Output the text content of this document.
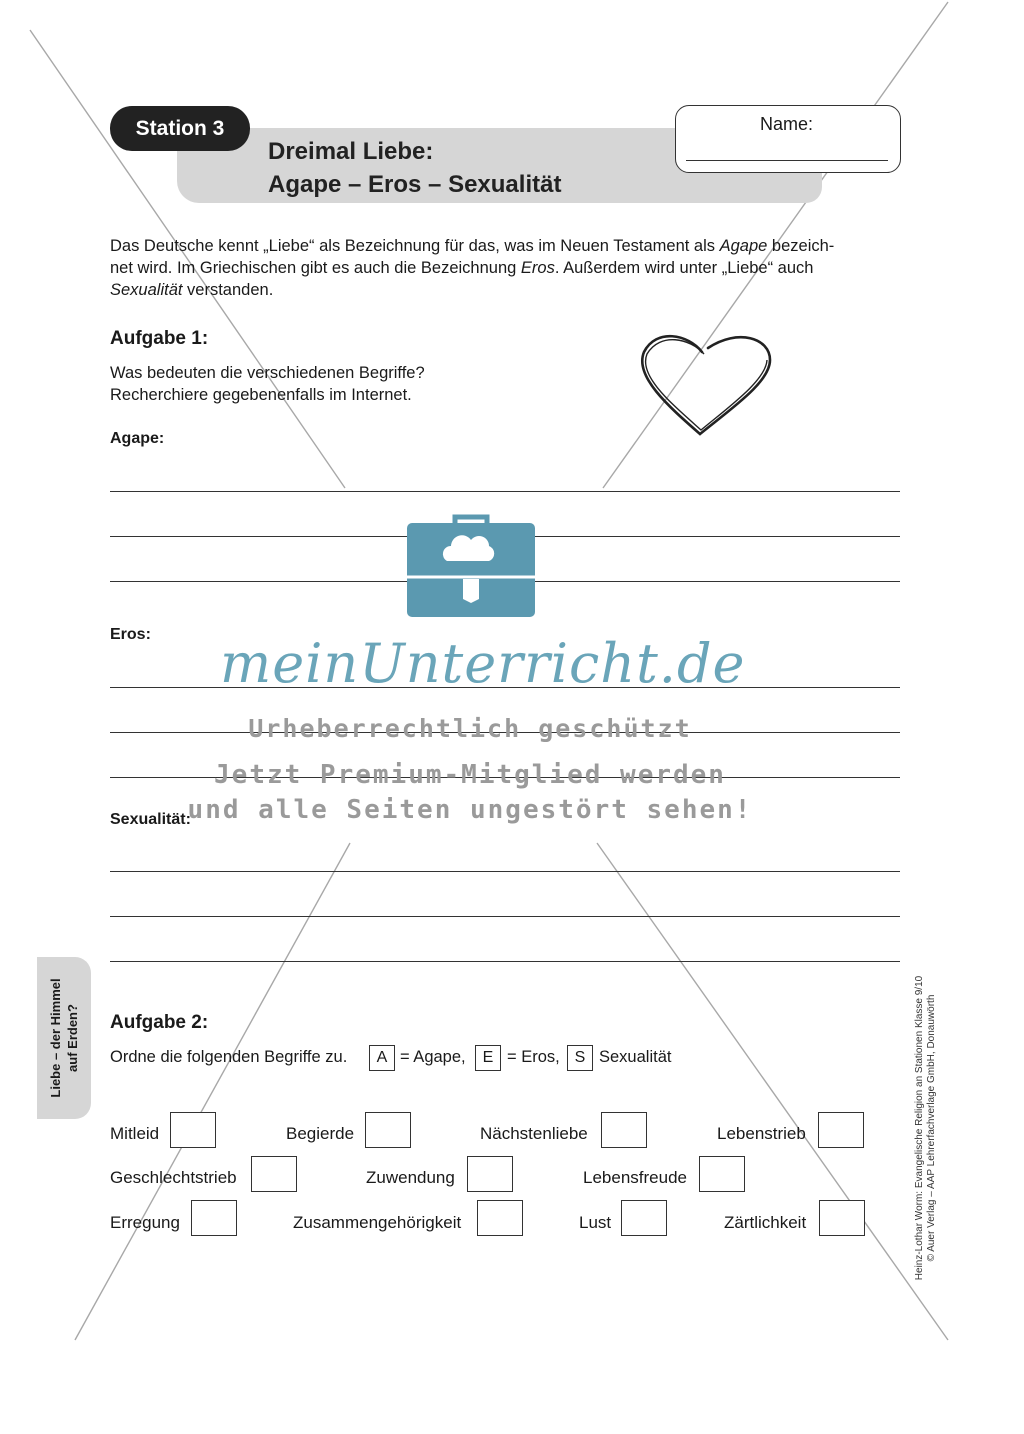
Station 3
Dreimal Liebe:
Agape – Eros – Sexualität
Name:
Das Deutsche kennt „Liebe“ als Bezeichnung für das, was im Neuen Testament als Agape bezeich-
net wird. Im Griechischen gibt es auch die Bezeichnung Eros. Außerdem wird unter „Liebe“ auch
Sexualität verstanden.
Aufgabe 1:
Was bedeuten die verschiedenen Begriffe?
Recherchiere gegebenenfalls im Internet.
Agape:
Eros:
Sexualität:
meinUnterricht.de
Urheberrechtlich geschützt
Jetzt Premium-Mitglied werden
und alle Seiten ungestört sehen!
Liebe – der Himmel auf Erden?	Heinz-Lothar Worm: Evangelische Religion an Stationen Klasse 9/10 © Auer Verlag – AAP Lehrerfachverlage GmbH, Donauwörth
Aufgabe 2:
Ordne die folgenden Begriffe zu.	A = Agape,	E = Eros, S Sexualität
Mitleid	Begierde	Nächstenliebe	Lebenstrieb
Geschlechtstrieb	Zuwendung	Lebensfreude
Erregung	Zusammengehörigkeit	Lust	Zärtlichkeit
